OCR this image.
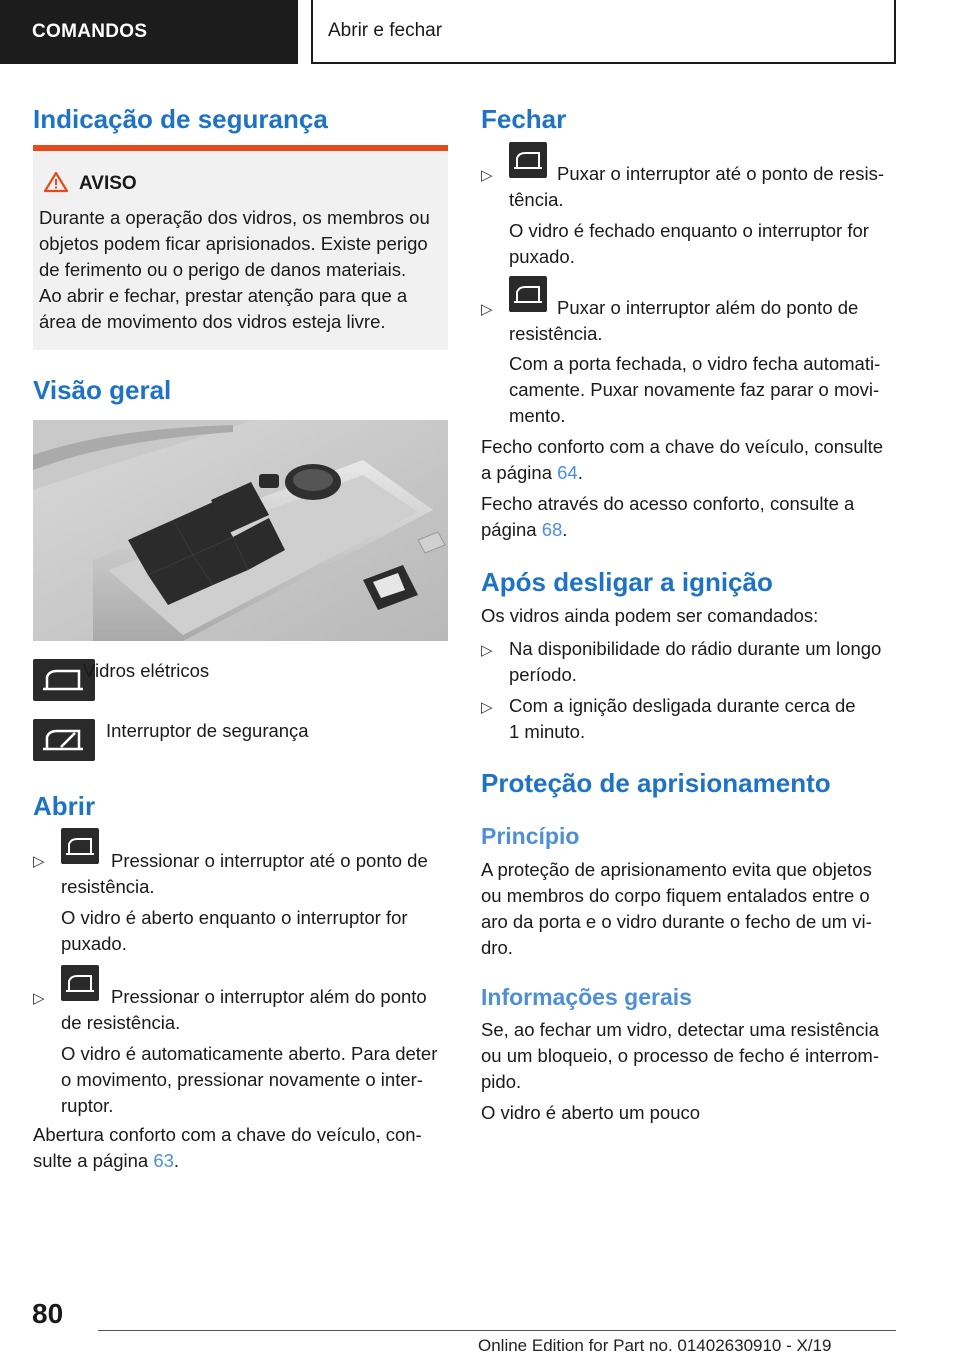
COMANDOS	Abrir e fechar
Indicação de segurança
AVISO
Durante a operação dos vidros, os membros ou
objetos podem ficar aprisionados. Existe perigo
de ferimento ou o perigo de danos materiais.
Ao abrir e fechar, prestar atenção para que a
área de movimento dos vidros esteja livre.
Visão geral
Vidros elétricos
Interruptor de segurança
Abrir
▷	Pressionar o interruptor até o ponto de
resistência.
O vidro é aberto enquanto o interruptor for
puxado.
▷	Pressionar o interruptor além do ponto
de resistência.
O vidro é automaticamente aberto. Para deter
o movimento, pressionar novamente o inter-
ruptor.
Abertura conforto com a chave do veículo, con-
sulte a página 63.
Fechar
▷	Puxar o interruptor até o ponto de resis-
tência.
O vidro é fechado enquanto o interruptor for
puxado.
▷	Puxar o interruptor além do ponto de
resistência.
Com a porta fechada, o vidro fecha automati-
camente. Puxar novamente faz parar o movi-
mento.
Fecho conforto com a chave do veículo, consulte
a página 64.
Fecho através do acesso conforto, consulte a
página 68.
Após desligar a ignição
Os vidros ainda podem ser comandados:
▷ Na disponibilidade do rádio durante um longo
período.
▷ Com a ignição desligada durante cerca de
1 minuto.
Proteção de aprisionamento
Princípio
A proteção de aprisionamento evita que objetos
ou membros do corpo fiquem entalados entre o
aro da porta e o vidro durante o fecho de um vi-
dro.
Informações gerais
Se, ao fechar um vidro, detectar uma resistência
ou um bloqueio, o processo de fecho é interrom-
pido.
O vidro é aberto um pouco
80
Online Edition for Part no. 01402630910 - X/19
